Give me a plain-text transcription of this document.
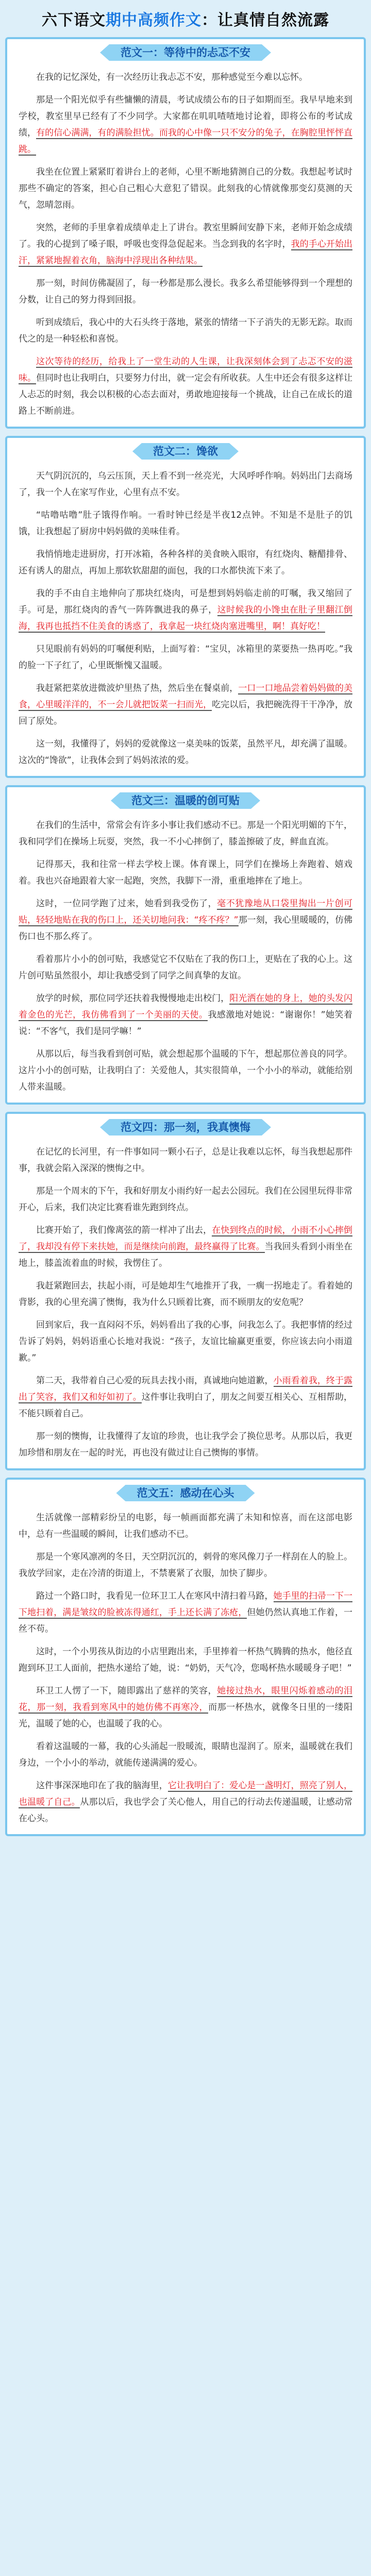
六下语文 期中高频作文 ：让真情自然流露
范文一：等待中的忐忑不安

在我的记忆深处，有一次经历让我忐忑不安，那种感觉至今难以忘怀。

那是一个阳光似乎有些慵懒的清晨，考试成绩公布的日子如期而至。我早早地来到学校，教室里早已经有了不少同学。大家都在叽叽喳喳地讨论着，即将公布的考试成绩，有的信心满满，有的满脸担忧。而我的心中像一只不安分的兔子，在胸腔里怦怦直跳。

我坐在位置上紧紧盯着讲台上的老师，心里不断地猜测自己的分数。我想起考试时那些不确定的答案，担心自己粗心大意犯了错误。此刻我的心情就像那变幻莫测的天气，忽晴忽雨。

突然，老师的手里拿着成绩单走上了讲台。教室里瞬间安静下来，老师开始念成绩了。我的心提到了嗓子眼，呼吸也变得急促起来。当念到我的名字时，我的手心开始出汗，紧紧地握着衣角，脑海中浮现出各种结果。

那一刻，时间仿佛凝固了，每一秒都是那么漫长。我多么希望能够得到一个理想的分数，让自己的努力得到回报。

听到成绩后，我心中的大石头终于落地，紧张的情绪一下子消失的无影无踪。取而代之的是一种轻松和喜悦。

这次等待的经历，给我上了一堂生动的人生课，让我深刻体会到了忐忑不安的滋味。但同时也让我明白，只要努力付出，就一定会有所收获。人生中还会有很多这样让人忐忑的时刻，我会以积极的心态去面对，勇敢地迎接每一个挑战，让自己在成长的道路上不断前进。

范文二：馋欲

天气阴沉沉的，乌云压顶，天上看不到一丝亮光，大风呼呼作响。妈妈出门去商场了，我一个人在家写作业，心里有点不安。

“咕噜咕噜”肚子饿得作响。一看时钟已经是半夜12点钟。不知是不是肚子的饥饿，让我想起了厨房中妈妈做的美味佳肴。

我悄悄地走进厨房，打开冰箱，各种各样的美食映入眼帘，有红烧肉、糖醋排骨、还有诱人的甜点，再加上那软软甜甜的面包，我的口水都快流下来了。

我的手不由自主地伸向了那块红烧肉，可是想到妈妈临走前的叮嘱，我又缩回了手。可是，那红烧肉的香气一阵阵飘进我的鼻子，这时候我的小馋虫在肚子里翻江倒海，我再也抵挡不住美食的诱惑了，我拿起一块红烧肉塞进嘴里，啊！真好吃！

只见眼前有妈妈的叮嘱便利贴，上面写着：“宝贝，冰箱里的菜要热一热再吃。”我的脸一下子红了，心里既惭愧又温暖。

我赶紧把菜放进微波炉里热了热，然后坐在餐桌前，一口一口地品尝着妈妈做的美食，心里暖洋洋的，不一会儿就把饭菜一扫而光，吃完以后，我把碗洗得干干净净，放回了原处。

这一刻，我懂得了，妈妈的爱就像这一桌美味的饭菜，虽然平凡，却充满了温暖。这次的“馋欲”，让我体会到了妈妈浓浓的爱。

范文三：温暖的创可贴

在我们的生活中，常常会有许多小事让我们感动不已。那是一个阳光明媚的下午，我和同学们在操场上玩耍，突然，我一不小心摔倒了，膝盖擦破了皮，鲜血直流。

记得那天，我和往常一样去学校上课。体育课上，同学们在操场上奔跑着、嬉戏着。我也兴奋地跟着大家一起跑，突然，我脚下一滑，重重地摔在了地上。

这时，一位同学跑了过来，她看到我受伤了，毫不犹豫地从口袋里掏出一片创可贴，轻轻地贴在我的伤口上，还关切地问我：“疼不疼？”那一刻，我心里暖暖的，仿佛伤口也不那么疼了。

看着那片小小的创可贴，我感觉它不仅贴在了我的伤口上，更贴在了我的心上。这片创可贴虽然很小，却让我感受到了同学之间真挚的友谊。

放学的时候，那位同学还扶着我慢慢地走出校门，阳光洒在她的身上，她的头发闪着金色的光芒，我仿佛看到了一个美丽的天使。我感激地对她说：“谢谢你！”她笑着说：“不客气，我们是同学嘛！”

从那以后，每当我看到创可贴，就会想起那个温暖的下午，想起那位善良的同学。这片小小的创可贴，让我明白了：关爱他人，其实很简单，一个小小的举动，就能给别人带来温暖。

范文四：那一刻，我真懊悔

在记忆的长河里，有一件事如同一颗小石子，总是让我难以忘怀，每当我想起那件事，我就会陷入深深的懊悔之中。

那是一个周末的下午，我和好朋友小雨约好一起去公园玩。我们在公园里玩得非常开心，后来，我们决定比赛看谁先跑到终点。

比赛开始了，我们像离弦的箭一样冲了出去，在快到终点的时候，小雨不小心摔倒了，我却没有停下来扶她，而是继续向前跑，最终赢得了比赛。当我回头看到小雨坐在地上，膝盖流着血的时候，我愣住了。

我赶紧跑回去，扶起小雨，可是她却生气地推开了我，一瘸一拐地走了。看着她的背影，我的心里充满了懊悔，我为什么只顾着比赛，而不顾朋友的安危呢？

回到家后，我一直闷闷不乐，妈妈看出了我的心事，问我怎么了。我把事情的经过告诉了妈妈，妈妈语重心长地对我说：“孩子，友谊比输赢更重要，你应该去向小雨道歉。”

第二天，我带着自己心爱的玩具去找小雨，真诚地向她道歉，小雨看着我，终于露出了笑容，我们又和好如初了。这件事让我明白了，朋友之间要互相关心、互相帮助，不能只顾着自己。

那一刻的懊悔，让我懂得了友谊的珍贵，也让我学会了换位思考。从那以后，我更加珍惜和朋友在一起的时光，再也没有做过让自己懊悔的事情。

范文五：感动在心头

生活就像一部精彩纷呈的电影，每一帧画面都充满了未知和惊喜，而在这部电影中，总有一些温暖的瞬间，让我们感动不已。

那是一个寒风凛冽的冬日，天空阴沉沉的，刺骨的寒风像刀子一样刮在人的脸上。我放学回家，走在冷清的街道上，不禁裹紧了衣服，加快了脚步。

路过一个路口时，我看见一位环卫工人在寒风中清扫着马路，她手里的扫帚一下一下地扫着，满是皱纹的脸被冻得通红，手上还长满了冻疮，但她仍然认真地工作着，一丝不苟。

这时，一个小男孩从街边的小店里跑出来，手里捧着一杯热气腾腾的热水，他径直跑到环卫工人面前，把热水递给了她，说：“奶奶，天气冷，您喝杯热水暖暖身子吧！”

环卫工人愣了一下，随即露出了慈祥的笑容，她接过热水，眼里闪烁着感动的泪花，那一刻，我看到寒风中的她仿佛不再寒冷，而那一杯热水，就像冬日里的一缕阳光，温暖了她的心，也温暖了我的心。

看着这温暖的一幕，我的心头涌起一股暖流，眼睛也湿润了。原来，温暖就在我们身边，一个小小的举动，就能传递满满的爱心。

这件事深深地印在了我的脑海里，它让我明白了：爱心是一盏明灯，照亮了别人，也温暖了自己。从那以后，我也学会了关心他人，用自己的行动去传递温暖，让感动常在心头。
